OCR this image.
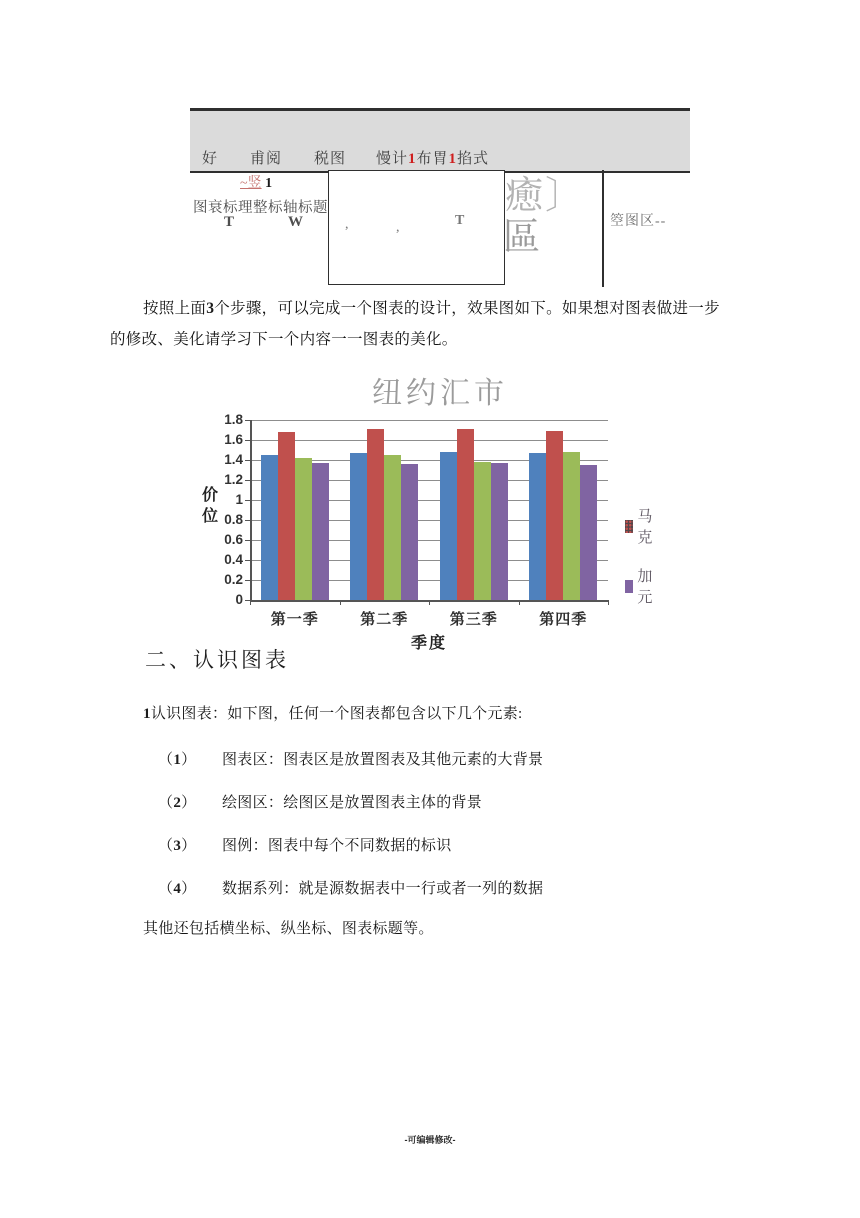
好 甫阅 税图 慢计1布胃1掐式
~竖 1
图衰标理整标轴标题
T	W	,	,	T
癒〕
區	箜图区--
按照上面3个步骤，可以完成一个图表的设计，效果图如下。如果想对图表做进一步
的修改、美化请学习下一个内容一一图表的美化。
纽约汇市
价位
1.8
1.6
1.4
1.2
1
0.8
0.6
0.4
0.2
0
第一季	第二季	第三季	第四季
季度
马克
加元
二、认识图表
1认识图表：如下图，任何一个图表都包含以下几个元素:
（1） 图表区：图表区是放置图表及其他元素的大背景
（2） 绘图区：绘图区是放置图表主体的背景
（3） 图例：图表中每个不同数据的标识
（4） 数据系列：就是源数据表中一行或者一列的数据
其他还包括横坐标、纵坐标、图表标题等。
-可编辑修改-
